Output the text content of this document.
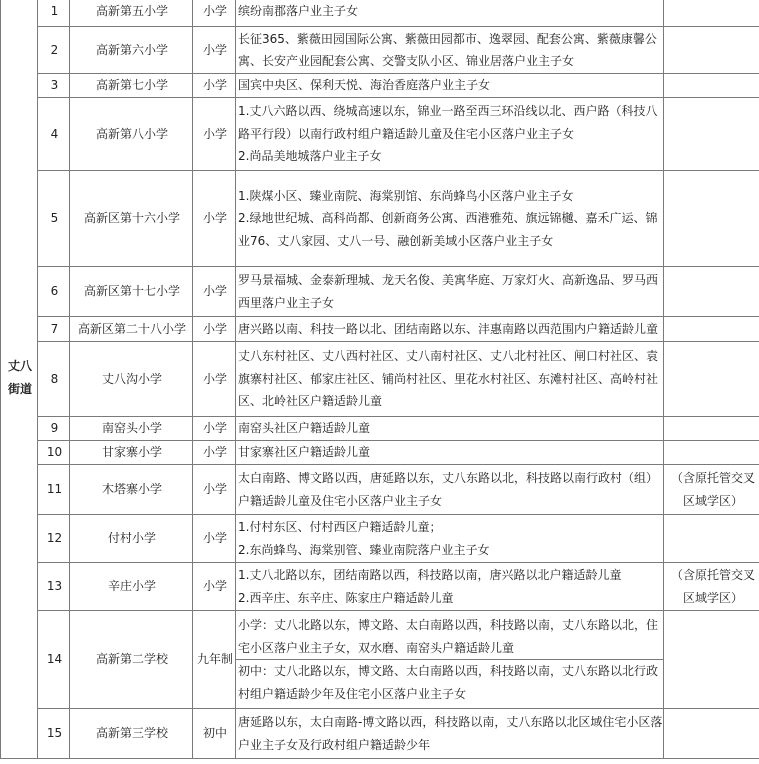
丈八街道	1	高新第五小学	小学	缤纷南郡落户业主子女	

	2	高新第六小学	小学	长征365、紫薇田园国际公寓、紫薇田园都市、逸翠园、配套公寓、紫薇康馨公寓、长安产业园配套公寓、交警支队小区、锦业居落户业主子女	

	3	高新第七小学	小学	国宾中央区、保利天悦、海治香庭落户业主子女	

	4	高新第八小学	小学	1.丈八六路以西、绕城高速以东，锦业一路至西三环沿线以北、西户路（科技八路平行段）以南行政村组户籍适龄儿童及住宅小区落户业主子女
2.尚品美地城落户业主子女	

	5	高新区第十六小学	小学	1.陕煤小区、臻业南院、海棠别馆、东尚蜂鸟小区落户业主子女
2.绿地世纪城、高科尚都、创新商务公寓、西港雅苑、旗远锦樾、嘉禾广运、锦业76、丈八家园、丈八一号、融创新美域小区落户业主子女	

	6	高新区第十七小学	小学	罗马景福城、金泰新理城、龙天名俊、美寓华庭、万家灯火、高新逸品、罗马西西里落户业主子女	

	7	高新区第二十八小学	小学	唐兴路以南、科技一路以北、团结南路以东、沣惠南路以西范围内户籍适龄儿童	

	8	丈八沟小学	小学	丈八东村社区、丈八西村社区、丈八南村社区、丈八北村社区、闸口村社区、袁旗寨村社区、郁家庄社区、铺尚村社区、里花水村社区、东滩村社区、高岭村社区、北岭社区户籍适龄儿童	

	9	南窑头小学	小学	南窑头社区户籍适龄儿童	

	10	甘家寨小学	小学	甘家寨社区户籍适龄儿童	

	11	木塔寨小学	小学	太白南路、博文路以西，唐延路以东，丈八东路以北，科技路以南行政村（组）户籍适龄儿童及住宅小区落户业主子女	（含原托管交叉区域学区）
	12	付村小学	小学	1.付村东区、付村西区户籍适龄儿童；
2.东尚蜂鸟、海棠别管、臻业南院落户业主子女	

	13	辛庄小学	小学	1.丈八北路以东，团结南路以西，科技路以南，唐兴路以北户籍适龄儿童
2.西辛庄、东辛庄、陈家庄户籍适龄儿童	（含原托管交叉区域学区）
	14	高新第二学校	九年制	小学：丈八北路以东，博文路、太白南路以西，科技路以南，丈八东路以北，住宅小区落户业主子女，双水磨、南窑头户籍适龄儿童
初中：丈八北路以东，博文路、太白南路以西，科技路以南，丈八东路以北行政村组户籍适龄少年及住宅小区落户业主子女	

	15	高新第三学校	初中	唐延路以东，太白南路-博文路以西，科技路以南，丈八东路以北区域住宅小区落户业主子女及行政村组户籍适龄少年	
